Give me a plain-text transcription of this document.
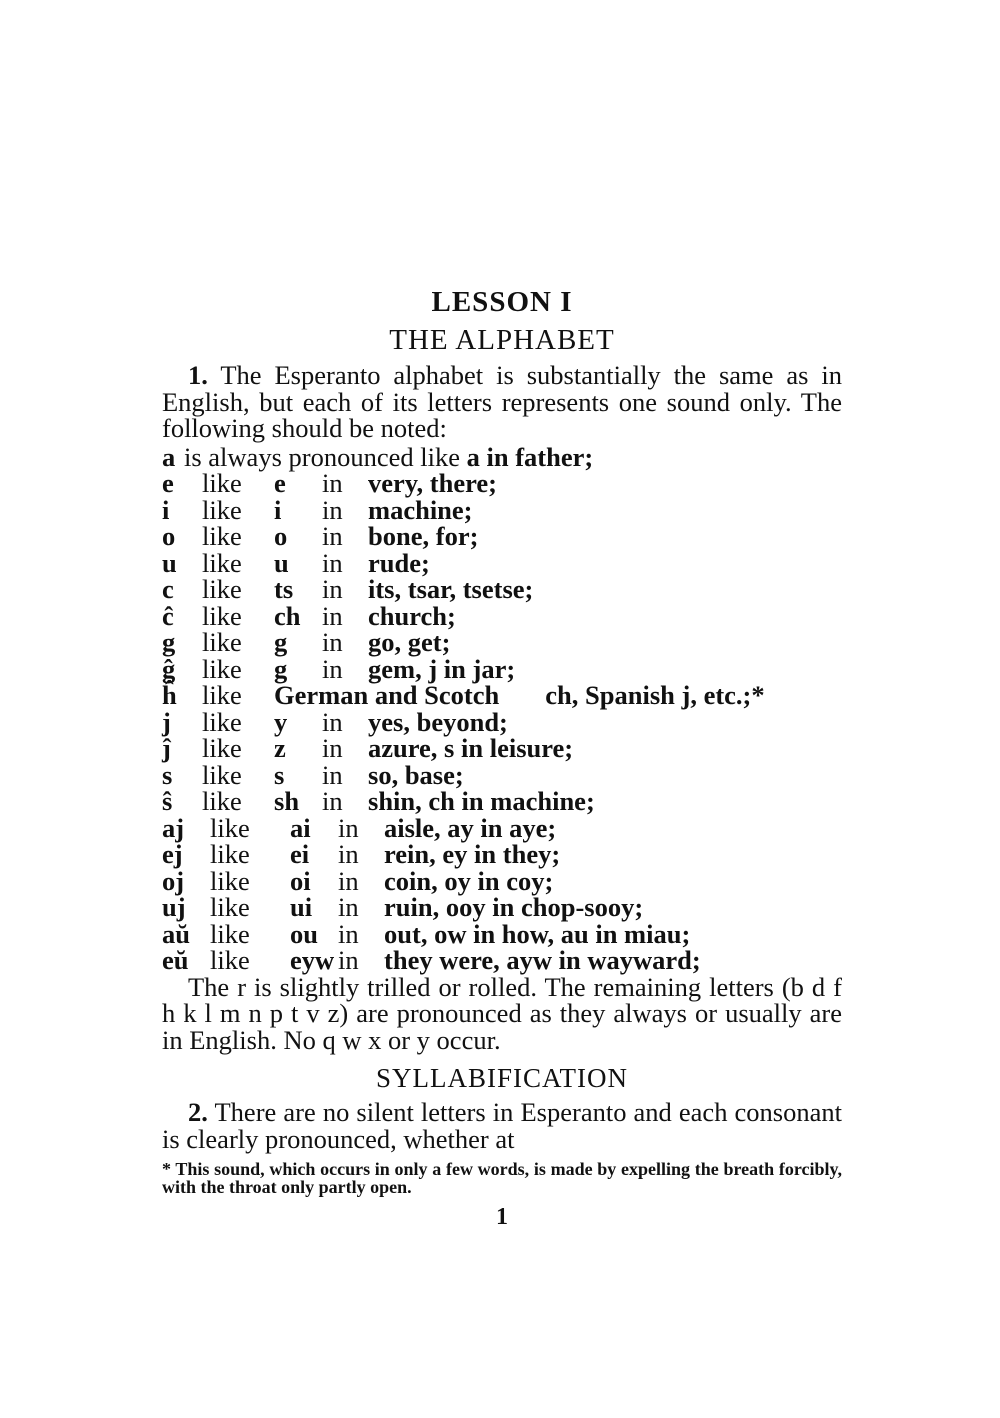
LESSON I
THE ALPHABET

1. The Esperanto alphabet is substantially the same as in English, but each of its letters represents one sound only. The following should be noted:

a is always pronounced like a in father;
e like e in very, there;
i like i in machine;
o like o in bone, for;
u like u in rude;
c like ts in its, tsar, tsetse;
ĉ like ch in church;
g like g in go, get;
ĝ like g in gem, j in jar;
ĥ like German and Scotch ch, Spanish j, etc.;*
j like y in yes, beyond;
ĵ like z in azure, s in leisure;
s like s in so, base;
ŝ like sh in shin, ch in machine;
aj like ai in aisle, ay in aye;
ej like ei in rein, ey in they;
oj like oi in coin, oy in coy;
uj like ui in ruin, ooy in chop-sooy;
aŭ like ou in out, ow in how, au in miau;
eŭ like eyw in they were, ayw in wayward;

The r is slightly trilled or rolled. The remaining letters (b d f h k l m n p t v z) are pronounced as they always or usually are in English. No q w x or y occur.

SYLLABIFICATION

2. There are no silent letters in Esperanto and each consonant is clearly pronounced, whether at

* This sound, which occurs in only a few words, is made by expelling the breath forcibly, with the throat only partly open.
1
